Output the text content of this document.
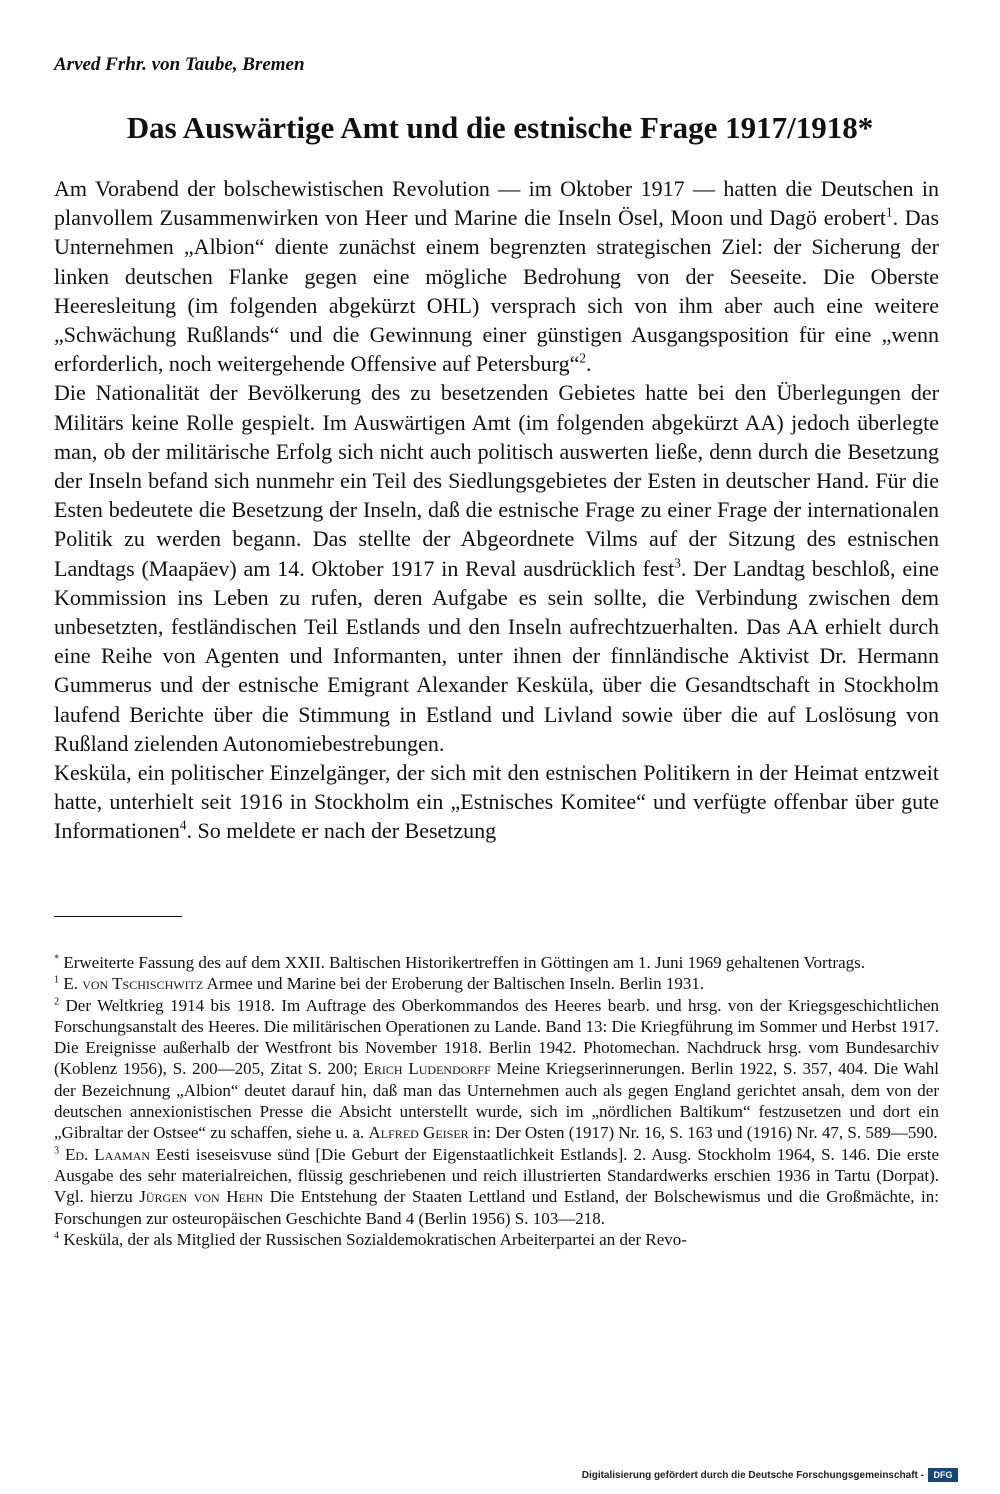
Arved Frhr. von Taube, Bremen
Das Auswärtige Amt und die estnische Frage 1917/1918*

Am Vorabend der bolschewistischen Revolution — im Oktober 1917 — hatten die Deutschen in planvollem Zusammenwirken von Heer und Marine die Inseln Ösel, Moon und Dagö erobert$^1$. Das Unternehmen „Albion“ diente zunächst einem begrenzten strategischen Ziel: der Sicherung der linken deutschen Flanke gegen eine mögliche Bedrohung von der Seeseite. Die Oberste Heeresleitung (im folgenden abgekürzt OHL) versprach sich von ihm aber auch eine weitere „Schwächung Rußlands“ und die Gewinnung einer günstigen Ausgangsposition für eine „wenn erforderlich, noch weitergehende Offensive auf Petersburg“$^2$.

Die Nationalität der Bevölkerung des zu besetzenden Gebietes hatte bei den Überlegungen der Militärs keine Rolle gespielt. Im Auswärtigen Amt (im folgenden abgekürzt AA) jedoch überlegte man, ob der militärische Erfolg sich nicht auch politisch auswerten ließe, denn durch die Besetzung der Inseln befand sich nunmehr ein Teil des Siedlungsgebietes der Esten in deutscher Hand. Für die Esten bedeutete die Besetzung der Inseln, daß die estnische Frage zu einer Frage der internationalen Politik zu werden begann. Das stellte der Abgeordnete Vilms auf der Sitzung des estnischen Landtags (Maapäev) am 14. Oktober 1917 in Reval ausdrücklich fest$^3$. Der Landtag beschloß, eine Kommission ins Leben zu rufen, deren Aufgabe es sein sollte, die Verbindung zwischen dem unbesetzten, festländischen Teil Estlands und den Inseln aufrechtzuerhalten. Das AA erhielt durch eine Reihe von Agenten und Informanten, unter ihnen der finnländische Aktivist Dr. Hermann Gummerus und der estnische Emigrant Alexander Kesküla, über die Gesandtschaft in Stockholm laufend Berichte über die Stimmung in Estland und Livland sowie über die auf Loslösung von Rußland zielenden Autonomiebestrebungen.

Kesküla, ein politischer Einzelgänger, der sich mit den estnischen Politikern in der Heimat entzweit hatte, unterhielt seit 1916 in Stockholm ein „Estnisches Komitee“ und verfügte offenbar über gute Informationen$^4$. So meldete er nach der Besetzung

* Erweiterte Fassung des auf dem XXII. Baltischen Historikertreffen in Göttingen am 1. Juni 1969 gehaltenen Vortrags.

$^1$ E. von Tschischwitz Armee und Marine bei der Eroberung der Baltischen Inseln. Berlin 1931.

$^2$ Der Weltkrieg 1914 bis 1918. Im Auftrage des Oberkommandos des Heeres bearb. und hrsg. von der Kriegsgeschichtlichen Forschungsanstalt des Heeres. Die militärischen Operationen zu Lande. Band 13: Die Kriegführung im Sommer und Herbst 1917. Die Ereignisse außerhalb der Westfront bis November 1918. Berlin 1942. Photomechan. Nachdruck hrsg. vom Bundesarchiv (Koblenz 1956), S. 200—205, Zitat S. 200; Erich Ludendorff Meine Kriegserinnerungen. Berlin 1922, S. 357, 404. Die Wahl der Bezeichnung „Albion“ deutet darauf hin, daß man das Unternehmen auch als gegen England gerichtet ansah, dem von der deutschen annexionistischen Presse die Absicht unterstellt wurde, sich im „nördlichen Baltikum“ festzusetzen und dort ein „Gibraltar der Ostsee“ zu schaffen, siehe u. a. Alfred Geiser in: Der Osten (1917) Nr. 16, S. 163 und (1916) Nr. 47, S. 589—590.

$^3$ Ed. Laaman Eesti iseseisvuse sünd [Die Geburt der Eigenstaatlichkeit Estlands]. 2. Ausg. Stockholm 1964, S. 146. Die erste Ausgabe des sehr materialreichen, flüssig geschriebenen und reich illustrierten Standardwerks erschien 1936 in Tartu (Dorpat). Vgl. hierzu Jürgen von Hehn Die Entstehung der Staaten Lettland und Estland, der Bolschewismus und die Großmächte, in: Forschungen zur osteuropäischen Geschichte Band 4 (Berlin 1956) S. 103—218.

$^4$ Kesküla, der als Mitglied der Russischen Sozialdemokratischen Arbeiterpartei an der Revo-

Digitalisierung gefördert durch die Deutsche Forschungsgemeinschaft -	DFG
